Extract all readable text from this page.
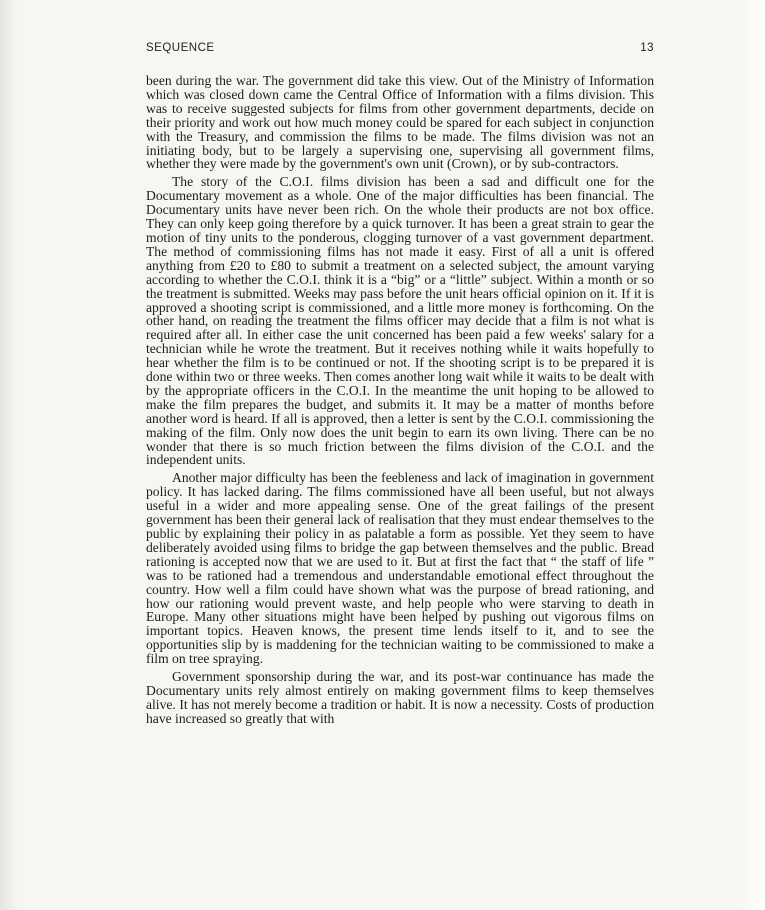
SEQUENCE	13

been during the war. The government did take this view. Out of the Ministry of Information which was closed down came the Central Office of Information with a films division. This was to receive suggested subjects for films from other government departments, decide on their priority and work out how much money could be spared for each subject in conjunction with the Treasury, and commission the films to be made. The films division was not an initiating body, but to be largely a supervising one, supervising all government films, whether they were made by the government's own unit (Crown), or by sub-contractors.

The story of the C.O.I. films division has been a sad and difficult one for the Documentary movement as a whole. One of the major difficulties has been financial. The Documentary units have never been rich. On the whole their products are not box office. They can only keep going therefore by a quick turnover. It has been a great strain to gear the motion of tiny units to the ponderous, clogging turnover of a vast government department. The method of commissioning films has not made it easy. First of all a unit is offered anything from £20 to £80 to submit a treatment on a selected subject, the amount varying according to whether the C.O.I. think it is a “big” or a “little” subject. Within a month or so the treatment is submitted. Weeks may pass before the unit hears official opinion on it. If it is approved a shooting script is commissioned, and a little more money is forthcoming. On the other hand, on reading the treatment the films officer may decide that a film is not what is required after all. In either case the unit concerned has been paid a few weeks' salary for a technician while he wrote the treatment. But it receives nothing while it waits hopefully to hear whether the film is to be continued or not. If the shooting script is to be prepared it is done within two or three weeks. Then comes another long wait while it waits to be dealt with by the appropriate officers in the C.O.I. In the meantime the unit hoping to be allowed to make the film prepares the budget, and submits it. It may be a matter of months before another word is heard. If all is approved, then a letter is sent by the C.O.I. commissioning the making of the film. Only now does the unit begin to earn its own living. There can be no wonder that there is so much friction between the films division of the C.O.I. and the independent units.

Another major difficulty has been the feebleness and lack of imagination in government policy. It has lacked daring. The films commissioned have all been useful, but not always useful in a wider and more appealing sense. One of the great failings of the present government has been their general lack of realisation that they must endear themselves to the public by explaining their policy in as palatable a form as possible. Yet they seem to have deliberately avoided using films to bridge the gap between themselves and the public. Bread rationing is accepted now that we are used to it. But at first the fact that “ the staff of life ” was to be rationed had a tremendous and understandable emotional effect throughout the country. How well a film could have shown what was the purpose of bread rationing, and how our rationing would prevent waste, and help people who were starving to death in Europe. Many other situations might have been helped by pushing out vigorous films on important topics. Heaven knows, the present time lends itself to it, and to see the opportunities slip by is maddening for the technician waiting to be commissioned to make a film on tree spraying.

Government sponsorship during the war, and its post-war continuance has made the Documentary units rely almost entirely on making government films to keep themselves alive. It has not merely become a tradition or habit. It is now a necessity. Costs of production have increased so greatly that with
